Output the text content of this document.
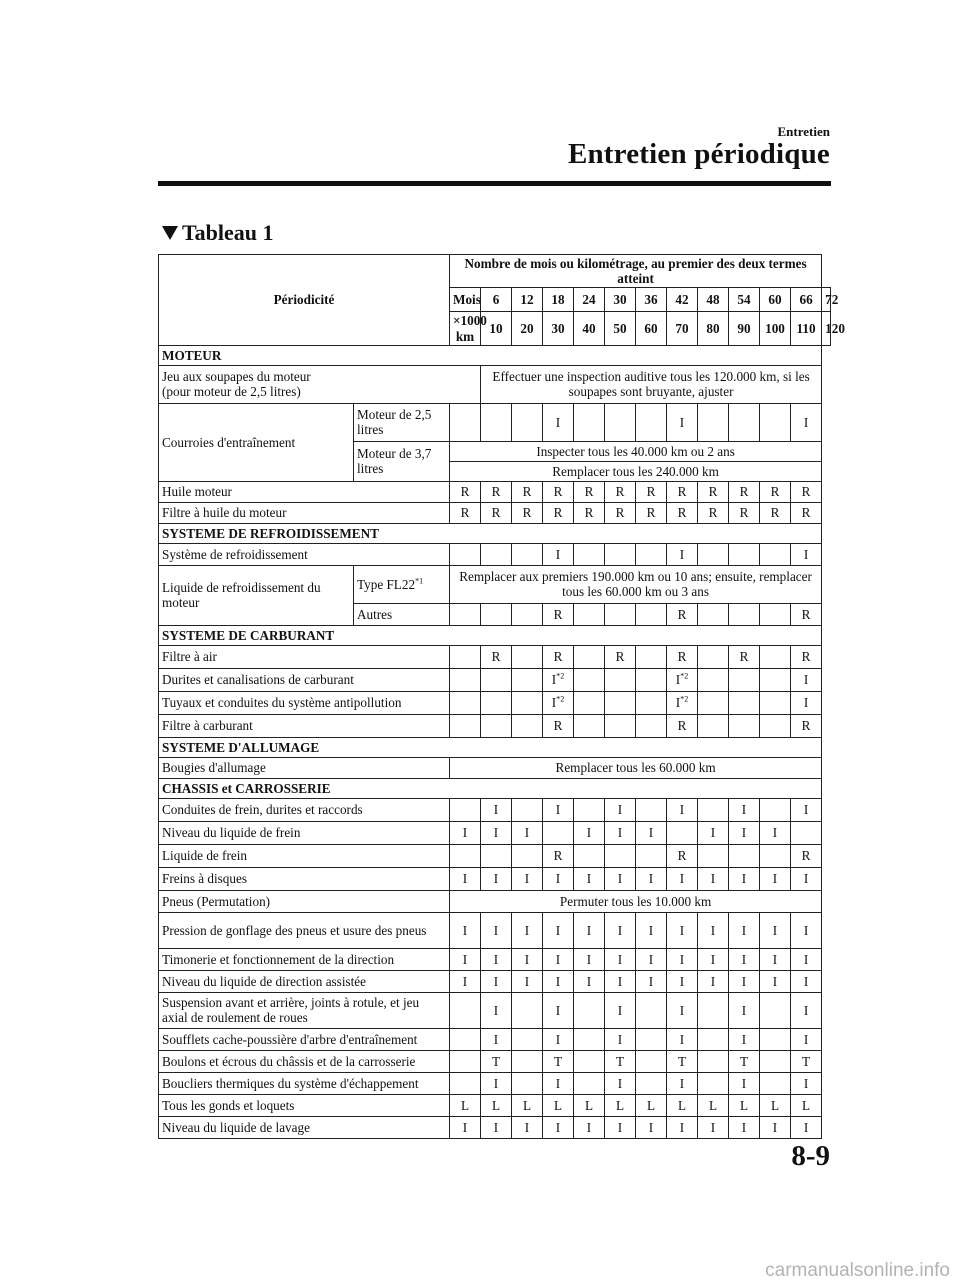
Entretien
Entretien périodique
Tableau 1
Périodicité		Nombre de mois ou kilométrage, au premier des deux termes atteint												
		Mois	6	12	18	24	30	36	42	48	54	60	66	72
		×1000 km	10	20	30	40	50	60	70	80	90	100	110	120
MOTEUR														
Jeu aux soupapes du moteur
(pour moteur de 2,5 litres)			Effectuer une inspection auditive tous les 120.000 km, si les soupapes sont bruyante, ajuster											
Courroies d'entraînement	Moteur de 2,5 litres				I				I				I	
	Moteur de 3,7 litres	Inspecter tous les 40.000 km ou 2 ans												
		Remplacer tous les 240.000 km												
Huile moteur		R	R	R	R	R	R	R	R	R	R	R	R	
Filtre à huile du moteur		R	R	R	R	R	R	R	R	R	R	R	R	
SYSTEME DE REFROIDISSEMENT														
Système de refroidissement					I				I				I	
Liquide de refroidissement du moteur	Type FL22$^{*1}$	Remplacer aux premiers 190.000 km ou 10 ans; ensuite, remplacer tous les 60.000 km ou 3 ans												
	Autres				R				R				R	
SYSTEME DE CARBURANT														
Filtre à air			R		R		R		R		R		R	
Durites et canalisations de carburant					$I^{*2}$				$I^{*2}$				I	
Tuyaux et conduites du système antipollution					$I^{*2}$				$I^{*2}$				I	
Filtre à carburant					R				R				R	
SYSTEME D'ALLUMAGE														
Bougies d'allumage		Remplacer tous les 60.000 km												
CHASSIS et CARROSSERIE														
Conduites de frein, durites et raccords			I		I		I		I		I		I	
Niveau du liquide de frein		I	I	I		I	I	I		I	I	I		
Liquide de frein					R				R				R	
Freins à disques		I	I	I	I	I	I	I	I	I	I	I	I	
Pneus (Permutation)		Permuter tous les 10.000 km												
Pression de gonflage des pneus et usure des pneus		I	I	I	I	I	I	I	I	I	I	I	I	
Timonerie et fonctionnement de la direction		I	I	I	I	I	I	I	I	I	I	I	I	
Niveau du liquide de direction assistée		I	I	I	I	I	I	I	I	I	I	I	I	
Suspension avant et arrière, joints à rotule, et jeu axial de roulement de roues			I		I		I		I		I		I	
Soufflets cache-poussière d'arbre d'entraînement			I		I		I		I		I		I	
Boulons et écrous du châssis et de la carrosserie			T		T		T		T		T		T	
Boucliers thermiques du système d'échappement			I		I		I		I		I		I	
Tous les gonds et loquets		L	L	L	L	L	L	L	L	L	L	L	L	
Niveau du liquide de lavage		I	I	I	I	I	I	I	I	I	I	I	I	
8-9
carmanualsonline.info
